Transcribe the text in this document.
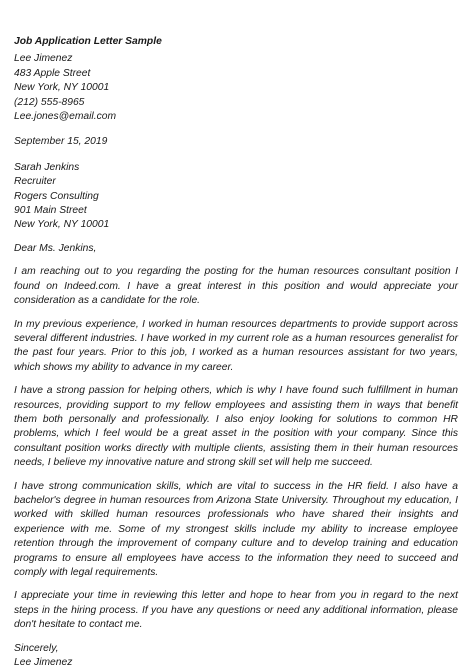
Job Application Letter Sample
Lee Jimenez
483 Apple Street
New York, NY 10001
(212) 555-8965
Lee.jones@email.com
September 15, 2019
Sarah Jenkins
Recruiter
Rogers Consulting
901 Main Street
New York, NY 10001
Dear Ms. Jenkins,

I am reaching out to you regarding the posting for the human resources consultant position I found on Indeed.com. I have a great interest in this position and would appreciate your consideration as a candidate for the role.

In my previous experience, I worked in human resources departments to provide support across several different industries. I have worked in my current role as a human resources generalist for the past four years. Prior to this job, I worked as a human resources assistant for two years, which shows my ability to advance in my career.

I have a strong passion for helping others, which is why I have found such fulfillment in human resources, providing support to my fellow employees and assisting them in ways that benefit them both personally and professionally. I also enjoy looking for solutions to common HR problems, which I feel would be a great asset in the position with your company. Since this consultant position works directly with multiple clients, assisting them in their human resources needs, I believe my innovative nature and strong skill set will help me succeed.

I have strong communication skills, which are vital to success in the HR field. I also have a bachelor's degree in human resources from Arizona State University. Throughout my education, I worked with skilled human resources professionals who have shared their insights and experience with me. Some of my strongest skills include my ability to increase employee retention through the improvement of company culture and to develop training and education programs to ensure all employees have access to the information they need to succeed and comply with legal requirements.

I appreciate your time in reviewing this letter and hope to hear from you in regard to the next steps in the hiring process. If you have any questions or need any additional information, please don't hesitate to contact me.

Sincerely,
Lee Jimenez
